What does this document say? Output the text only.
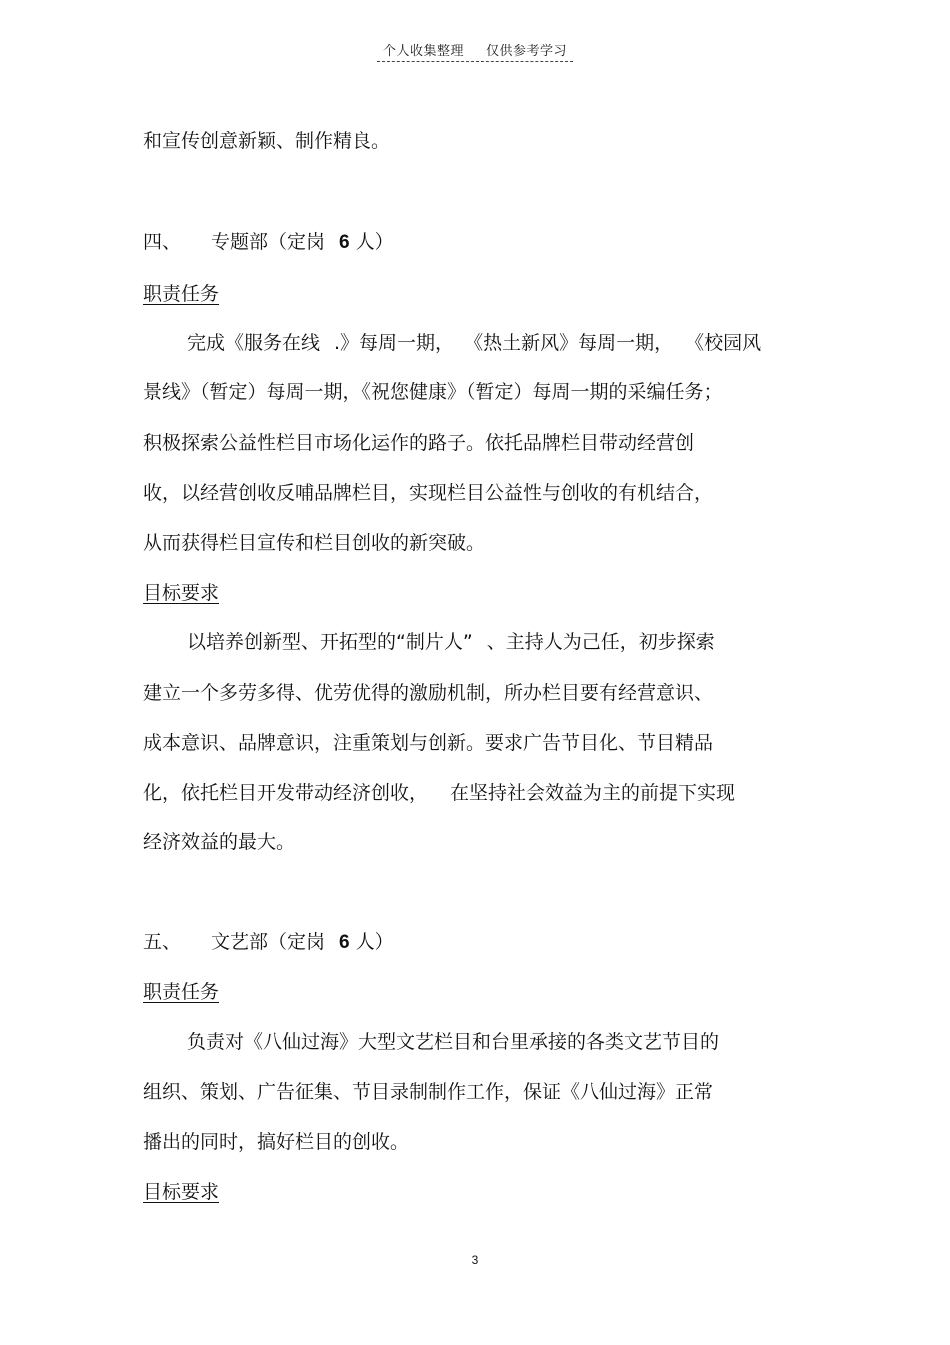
个人收集整理 仅供参考学习
和宣传创意新颖、制作精良。
四、 专题部（定岗 6 人）
职责任务
完成《服务在线 .》每周一期， 《热土新风》每周一期， 《校园风
景线》（暂定）每周一期，《祝您健康》（暂定）每周一期的采编任务；
积极探索公益性栏目市场化运作的路子。依托品牌栏目带动经营创
收，以经营创收反哺品牌栏目，实现栏目公益性与创收的有机结合，
从而获得栏目宣传和栏目创收的新突破。
目标要求
以培养创新型、开拓型的“制片人” 、主持人为己任，初步探索
建立一个多劳多得、优劳优得的激励机制，所办栏目要有经营意识、
成本意识、品牌意识，注重策划与创新。要求广告节目化、节目精品
化，依托栏目开发带动经济创收， 在坚持社会效益为主的前提下实现
经济效益的最大。
五、 文艺部（定岗 6 人）
职责任务
负责对《八仙过海》大型文艺栏目和台里承接的各类文艺节目的
组织、策划、广告征集、节目录制制作工作，保证《八仙过海》正常
播出的同时，搞好栏目的创收。
目标要求
3
